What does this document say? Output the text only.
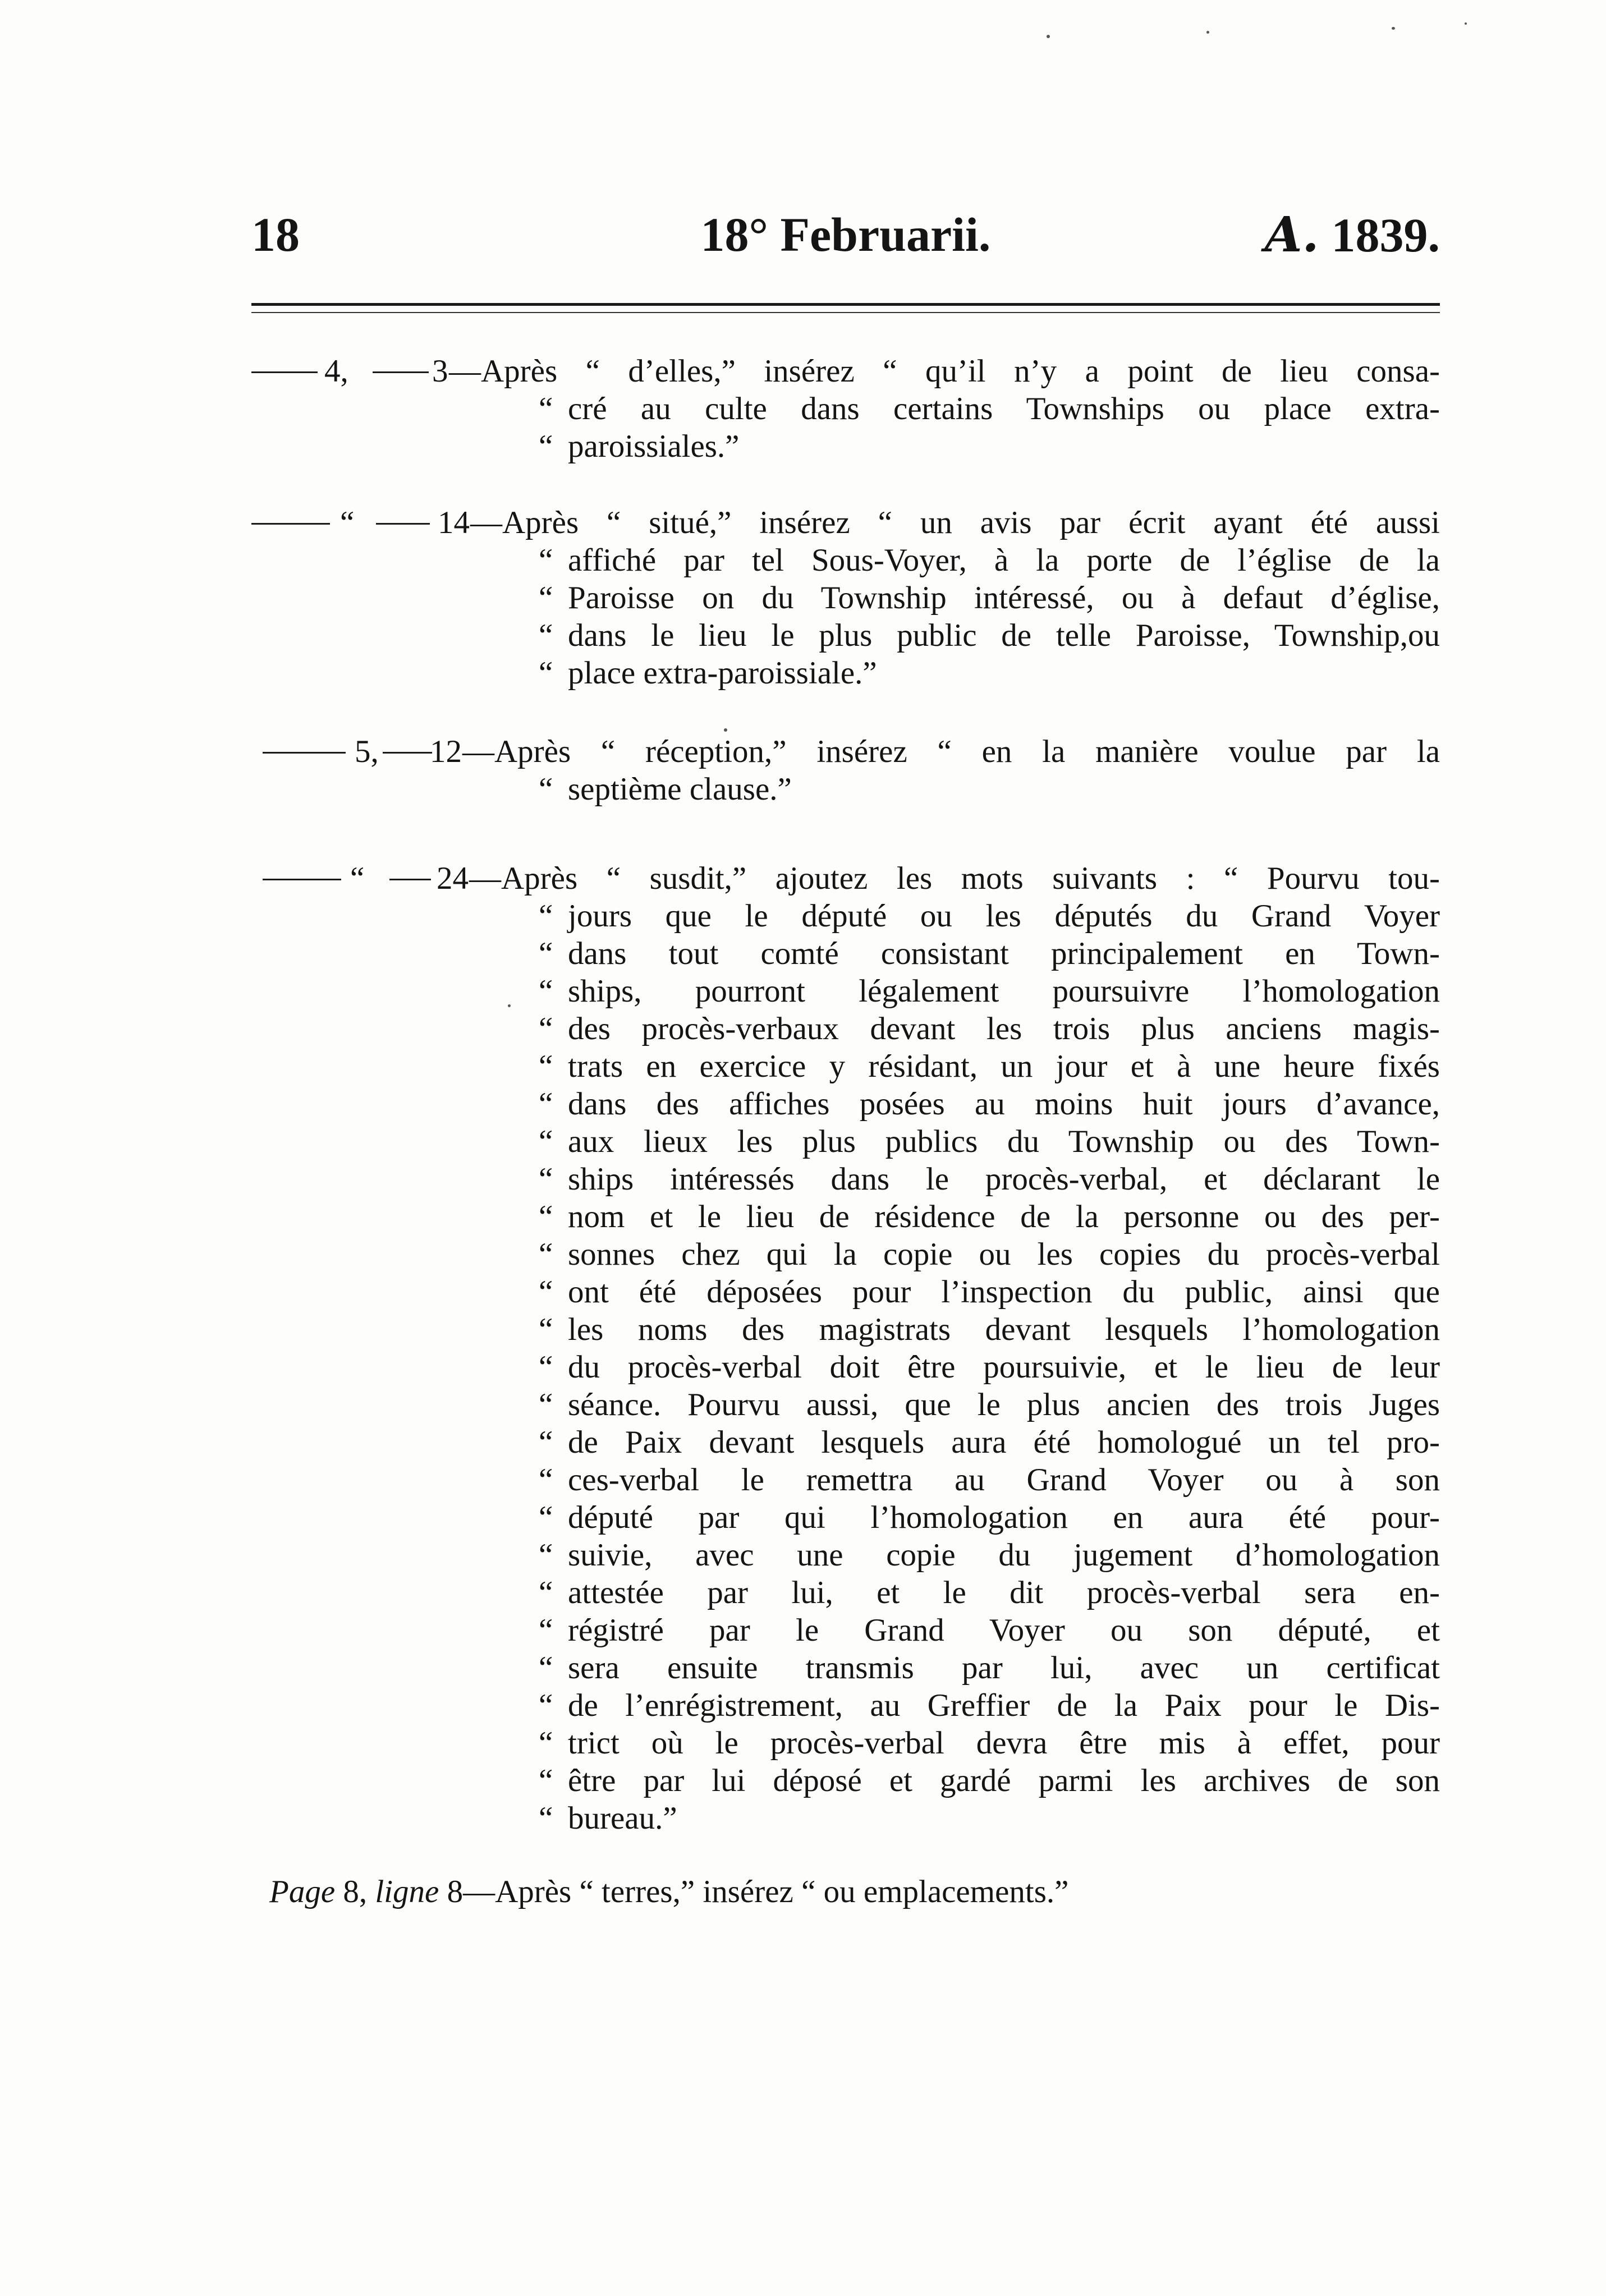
18	18° Februarii.	A. 1839.
4,	3 —Après “ d’elles,” insérez “ qu’il n’y a point de lieu consa-
“ cré au culte dans certains Townships ou place extra-
“ paroissiales.”
“	14 —Après “ situé,” insérez “ un avis par écrit ayant été aussi
“ affiché par tel Sous-Voyer, à la porte de l’église de la
“ Paroisse on du Township intéressé, ou à defaut d’église,
“ dans le lieu le plus public de telle Paroisse, Township,ou
“ place extra-paroissiale.”
5, 12 —Après “ réception,” insérez “ en la manière voulue par la
“ septième clause.”
“ 24 —Après “ susdit,” ajoutez les mots suivants : “ Pourvu tou-
“ jours que le député ou les députés du Grand Voyer
“ dans tout comté consistant principalement en Town-
“ ships, pourront légalement poursuivre l’homologation
“ des procès-verbaux devant les trois plus anciens magis-
“ trats en exercice y résidant, un jour et à une heure fixés
“ dans des affiches posées au moins huit jours d’avance,
“ aux lieux les plus publics du Township ou des Town-
“ ships intéressés dans le procès-verbal, et déclarant le
“ nom et le lieu de résidence de la personne ou des per-
“ sonnes chez qui la copie ou les copies du procès-verbal
“ ont été déposées pour l’inspection du public, ainsi que
“ les noms des magistrats devant lesquels l’homologation
“ du procès-verbal doit être poursuivie, et le lieu de leur
“ séance. Pourvu aussi, que le plus ancien des trois Juges
“ de Paix devant lesquels aura été homologué un tel pro-
“ ces-verbal le remettra au Grand Voyer ou à son
“ député par qui l’homologation en aura été pour-
“ suivie, avec une copie du jugement d’homologation
“ attestée par lui, et le dit procès-verbal sera en-
“ régistré par le Grand Voyer ou son député, et
“ sera ensuite transmis par lui, avec un certificat
“ de l’enrégistrement, au Greffier de la Paix pour le Dis-
“ trict où le procès-verbal devra être mis à effet, pour
“ être par lui déposé et gardé parmi les archives de son
“ bureau.”
Page 8, ligne 8—Après “ terres,” insérez “ ou emplacements.”
